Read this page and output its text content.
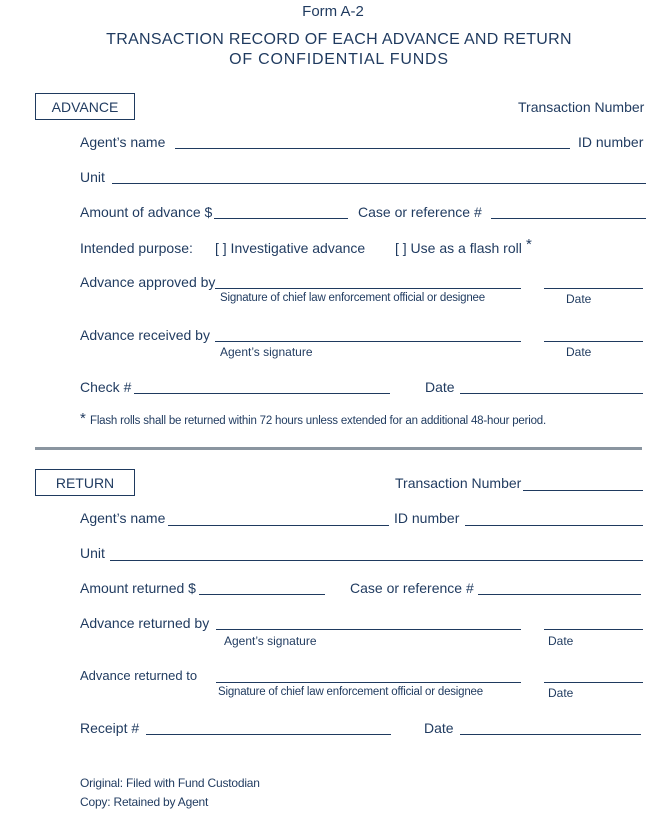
Form A-2
TRANSACTION RECORD OF EACH ADVANCE AND RETURN
OF CONFIDENTIAL FUNDS
ADVANCE	Transaction Number
Agent’s name	ID number
Unit
Amount of advance $	Case or reference #
Intended purpose: [ ] Investigative advance [ ] Use as a flash roll *
Advance approved by
Signature of chief law enforcement official or designee	Date
Advance received by
Agent’s signature	Date
Check #	Date
* Flash rolls shall be returned within 72 hours unless extended for an additional 48-hour period.
RETURN	Transaction Number
Agent’s name	ID number
Unit
Amount returned $	Case or reference #
Advance returned by
Agent’s signature	Date
Advance returned to
Signature of chief law enforcement official or designee	Date
Receipt #	Date
Original: Filed with Fund Custodian
Copy: Retained by Agent
